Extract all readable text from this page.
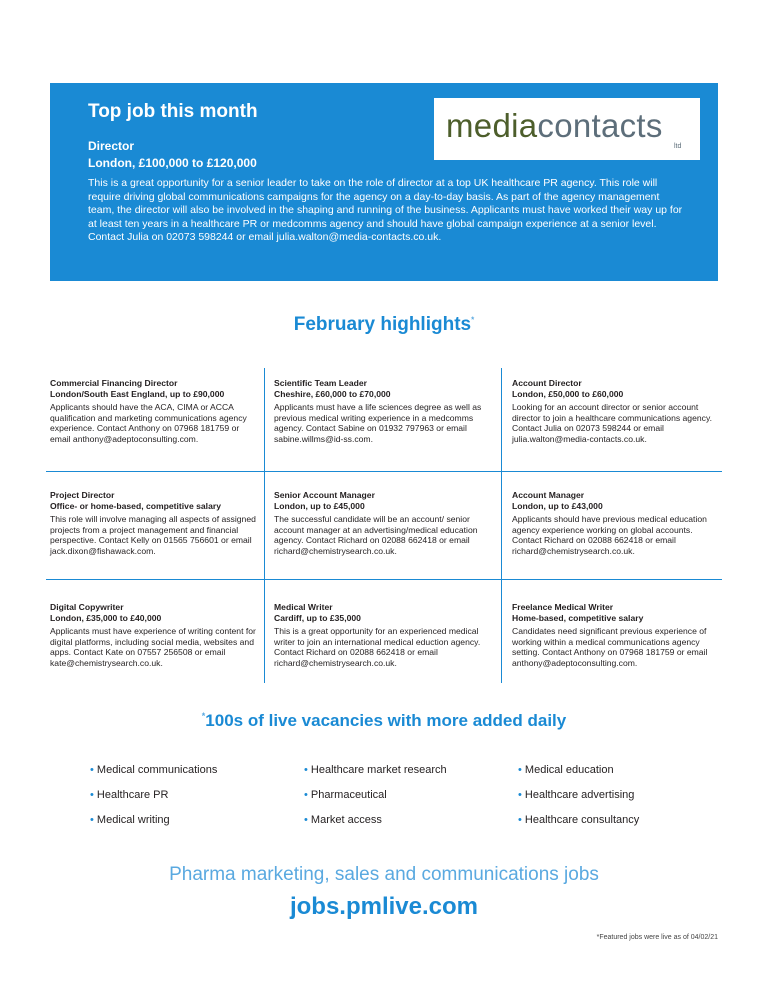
Top job this month
Director
London, £100,000 to £120,000
This is a great opportunity for a senior leader to take on the role of director at a top UK healthcare PR agency. This role will require driving global communications campaigns for the agency on a day-to-day basis. As part of the agency management team, the director will also be involved in the shaping and running of the business. Applicants must have worked their way up for at least ten years in a healthcare PR or medcomms agency and should have global campaign experience at a senior level. Contact Julia on 02073 598244 or email julia.walton@media-contacts.co.uk.
mediacontacts
ltd
February highlights*
Commercial Financing Director
London/South East England, up to £90,000
Applicants should have the ACA, CIMA or ACCA qualification and marketing communications agency experience. Contact Anthony on 07968 181759 or email anthony@adeptoconsulting.com.
Scientific Team Leader
Cheshire, £60,000 to £70,000
Applicants must have a life sciences degree as well as previous medical writing experience in a medcomms agency. Contact Sabine on 01932 797963 or email sabine.willms@id-ss.com.
Account Director
London, £50,000 to £60,000
Looking for an account director or senior account director to join a healthcare communications agency. Contact Julia on 02073 598244 or email julia.walton@media-contacts.co.uk.
Project Director
Office- or home-based, competitive salary
This role will involve managing all aspects of assigned projects from a project management and financial perspective. Contact Kelly on 01565 756601 or email jack.dixon@fishawack.com.
Senior Account Manager
London, up to £45,000
The successful candidate will be an account/ senior account manager at an advertising/medical education agency. Contact Richard on 02088 662418 or email richard@chemistrysearch.co.uk.
Account Manager
London, up to £43,000
Applicants should have previous medical education agency experience working on global accounts. Contact Richard on 02088 662418 or email richard@chemistrysearch.co.uk.
Digital Copywriter
London, £35,000 to £40,000
Applicants must have experience of writing content for digital platforms, including social media, websites and apps. Contact Kate on 07557 256508 or email kate@chemistrysearch.co.uk.
Medical Writer
Cardiff, up to £35,000
This is a great opportunity for an experienced medical writer to join an international medical eduction agency. Contact Richard on 02088 662418 or email richard@chemistrysearch.co.uk.
Freelance Medical Writer
Home-based, competitive salary
Candidates need significant previous experience of working within a medical communications agency setting. Contact Anthony on 07968 181759 or email anthony@adeptoconsulting.com.
*100s of live vacancies with more added daily
• Medical communications
• Healthcare PR
• Medical writing
• Healthcare market research
• Pharmaceutical
• Market access
• Medical education
• Healthcare advertising
• Healthcare consultancy
Pharma marketing, sales and communications jobs
jobs.pmlive.com
*Featured jobs were live as of 04/02/21
